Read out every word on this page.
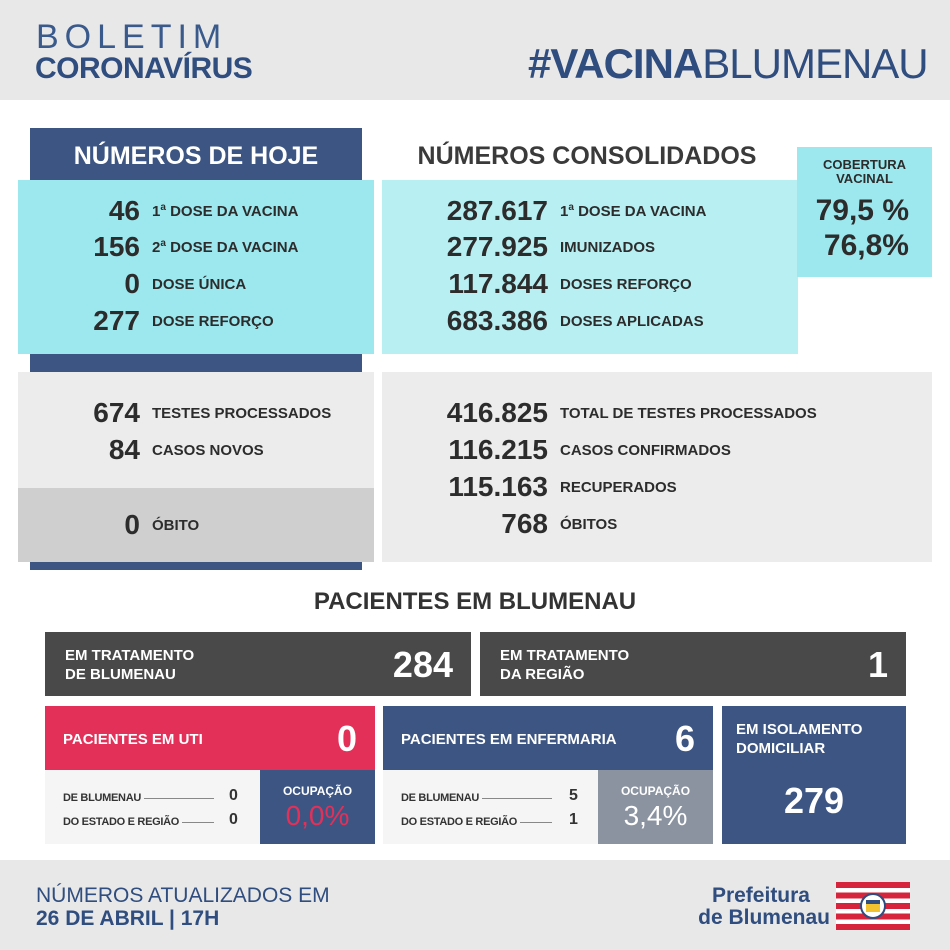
BOLETIM
CORONAVÍRUS	#VACINABLUMENAU
NÚMEROS DE HOJE	NÚMEROS CONSOLIDADOS
46 1$^a$ DOSE DA VACINA
156 2$^a$ DOSE DA VACINA
0 DOSE ÚNICA
277 DOSE REFORÇO
287.617 1$^a$ DOSE DA VACINA
277.925 IMUNIZADOS
117.844 DOSES REFORÇO
683.386 DOSES APLICADAS
COBERTURA
VACINAL
79,5 %
76,8%
674 TESTES PROCESSADOS
84 CASOS NOVOS
0 ÓBITO
416.825 TOTAL DE TESTES PROCESSADOS
116.215 CASOS CONFIRMADOS
115.163 RECUPERADOS
768 ÓBITOS
PACIENTES EM BLUMENAU
EM TRATAMENTO
DE BLUMENAU	284	EM TRATAMENTO
DA REGIÃO	1
PACIENTES EM UTI	0
DE BLUMENAU	0
DO ESTADO E REGIÃO	0
OCUPAÇÃO
0,0%
PACIENTES EM ENFERMARIA 6
DE BLUMENAU	5
DO ESTADO E REGIÃO	1
OCUPAÇÃO
3,4%
EM ISOLAMENTO
DOMICILIAR
279
NÚMEROS ATUALIZADOS EM
26 DE ABRIL | 17H
Prefeitura
de Blumenau
